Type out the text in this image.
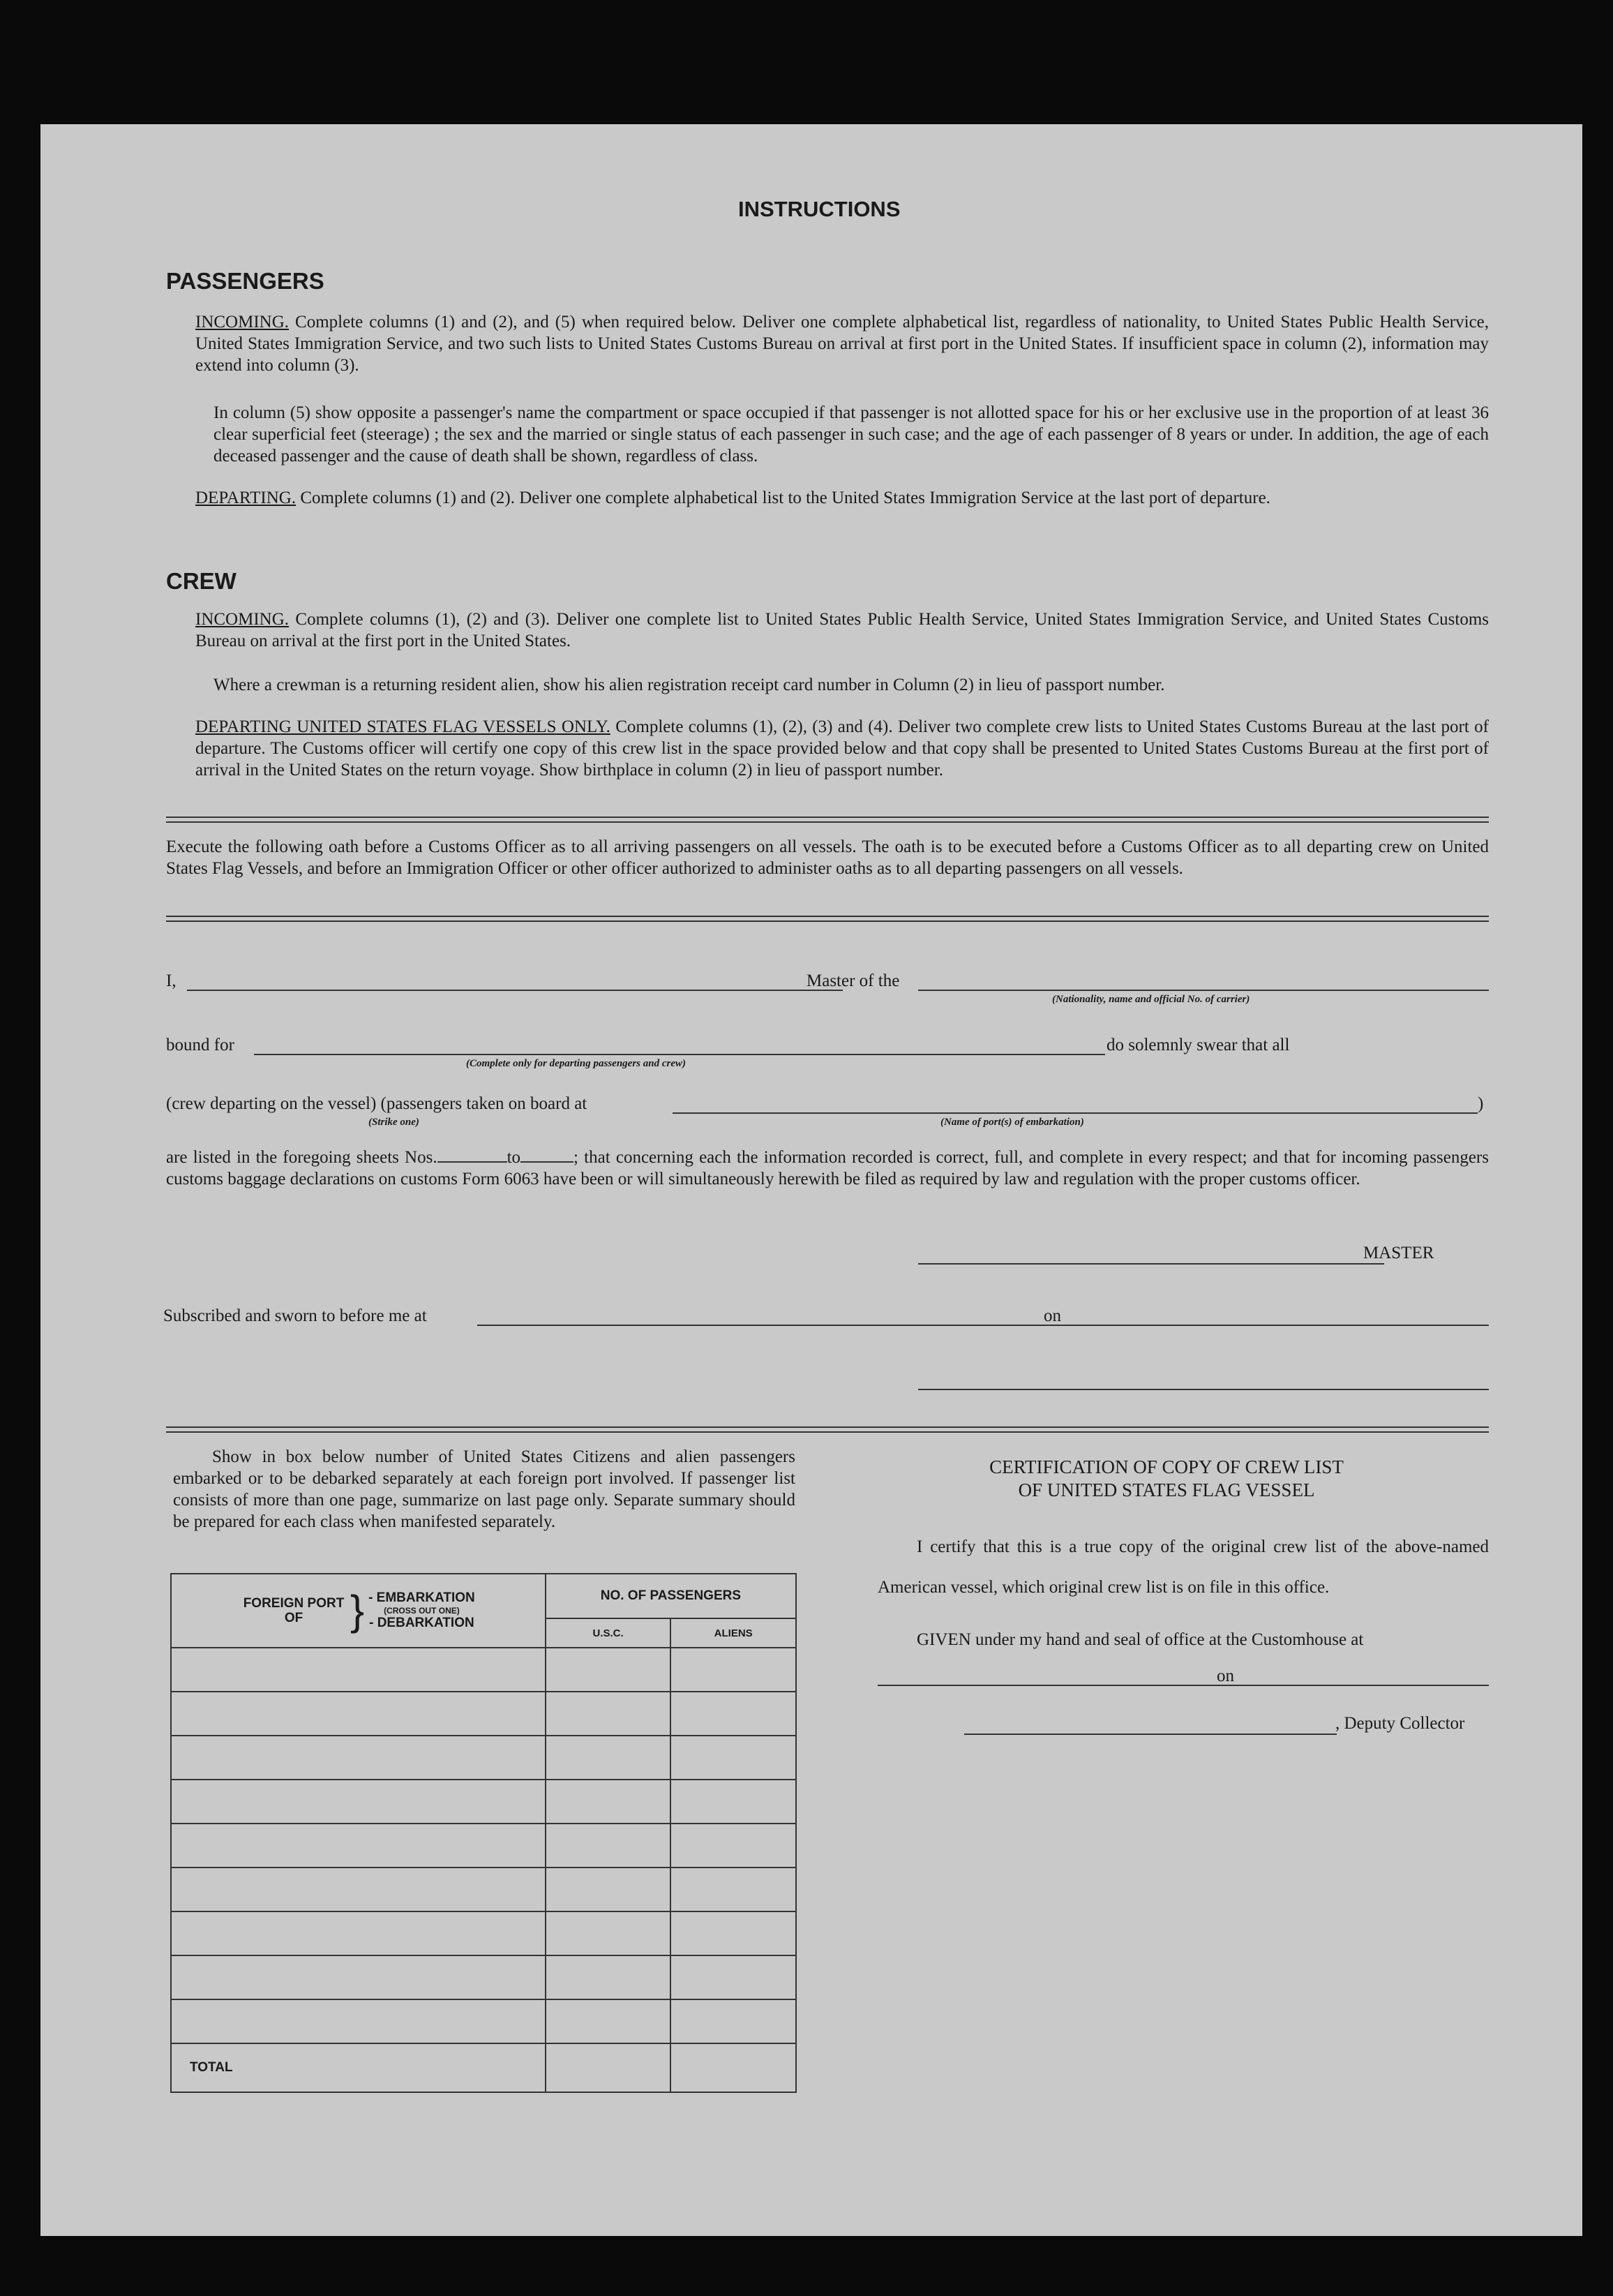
INSTRUCTIONS
PASSENGERS
INCOMING. Complete columns (1) and (2), and (5) when required below. Deliver one complete alphabetical list, regardless of nationality, to United States Public Health Service, United States Immigration Service, and two such lists to United States Customs Bureau on arrival at first port in the United States. If insufficient space in column (2), information may extend into column (3).
In column (5) show opposite a passenger's name the compartment or space occupied if that passenger is not allotted space for his or her exclusive use in the proportion of at least 36 clear superficial feet (steerage) ; the sex and the married or single status of each passenger in such case; and the age of each passenger of 8 years or under. In addition, the age of each deceased passenger and the cause of death shall be shown, regardless of class.
DEPARTING. Complete columns (1) and (2). Deliver one complete alphabetical list to the United States Immigration Service at the last port of departure.
CREW
INCOMING. Complete columns (1), (2) and (3). Deliver one complete list to United States Public Health Service, United States Immigration Service, and United States Customs Bureau on arrival at the first port in the United States.
Where a crewman is a returning resident alien, show his alien registration receipt card number in Column (2) in lieu of passport number.
DEPARTING UNITED STATES FLAG VESSELS ONLY. Complete columns (1), (2), (3) and (4). Deliver two complete crew lists to United States Customs Bureau at the last port of departure. The Customs officer will certify one copy of this crew list in the space provided below and that copy shall be presented to United States Customs Bureau at the first port of arrival in the United States on the return voyage. Show birthplace in column (2) in lieu of passport number.
Execute the following oath before a Customs Officer as to all arriving passengers on all vessels. The oath is to be executed before a Customs Officer as to all departing crew on United States Flag Vessels, and before an Immigration Officer or other officer authorized to administer oaths as to all departing passengers on all vessels.
I,	Master of the
(Nationality, name and official No. of carrier)
bound for	do solemnly swear that all
(Complete only for departing passengers and crew)
(crew departing on the vessel) (passengers taken on board at	)
(Strike one)	(Name of port(s) of embarkation)
are listed in the foregoing sheets Nos.	to	; that concerning each the information recorded is correct, full, and complete in every respect; and that for incoming passengers customs baggage declarations on customs Form 6063 have been or will simultaneously herewith be filed as required by law and regulation with the proper customs officer.
MASTER
Subscribed and sworn to before me at	on
Show in box below number of United States Citizens and alien passengers embarked or to be debarked separately at each foreign port involved. If passenger list consists of more than one page, summarize on last page only. Separate summary should be prepared for each class when manifested separately.
FOREIGN PORT OF } - EMBARKATION
(CROSS OUT ONE)
- DEBARKATION	NO. OF PASSENGERS	
	U.S.C.	ALIENS

TOTAL		
CERTIFICATION OF COPY OF CREW LIST
OF UNITED STATES FLAG VESSEL
I certify that this is a true copy of the original crew list of the above-named American vessel, which original crew list is on file in this office.
GIVEN under my hand and seal of office at the Customhouse at
on
, Deputy Collector
